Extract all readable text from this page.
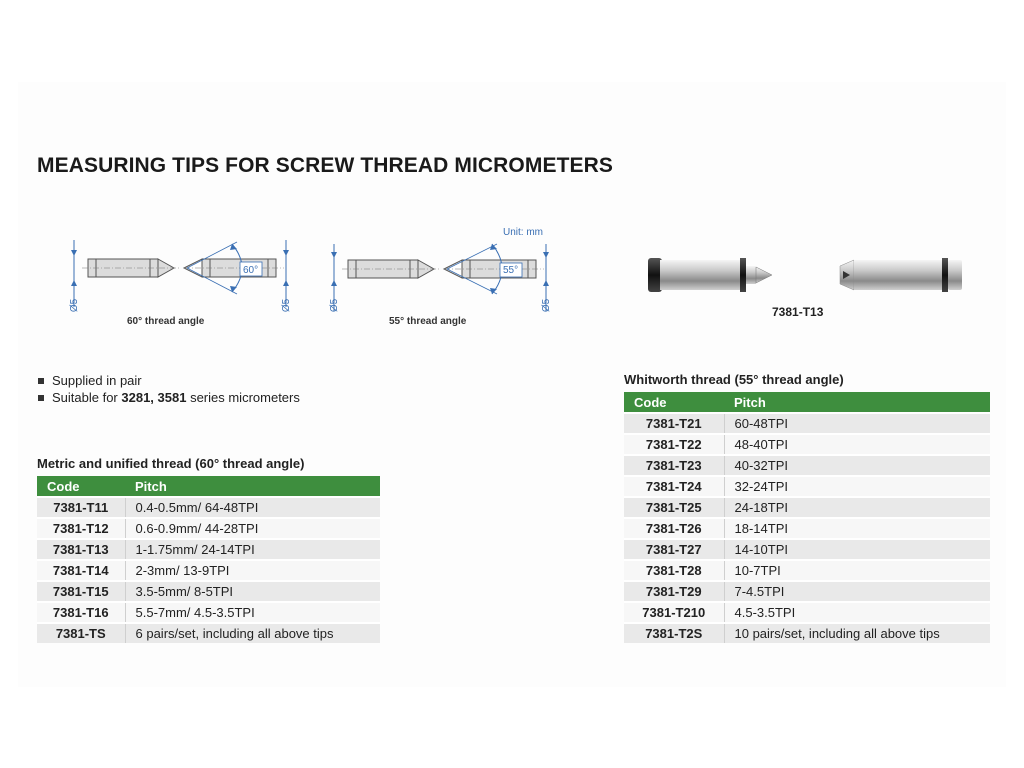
MEASURING TIPS FOR SCREW THREAD MICROMETERS
60°
Ø5	Ø5
60° thread angle
Unit: mm
55°
Ø5	Ø5
55° thread angle
7381-T13
Supplied in pair
Suitable for 3281, 3581 series micrometers
Metric and unified thread (60° thread angle)
Code	Pitch
7381-T11	0.4-0.5mm/ 64-48TPI
7381-T12	0.6-0.9mm/ 44-28TPI
7381-T13	1-1.75mm/ 24-14TPI
7381-T14	2-3mm/ 13-9TPI
7381-T15	3.5-5mm/ 8-5TPI
7381-T16	5.5-7mm/ 4.5-3.5TPI
7381-TS	6 pairs/set, including all above tips
Whitworth thread (55° thread angle)
Code	Pitch
7381-T21	60-48TPI
7381-T22	48-40TPI
7381-T23	40-32TPI
7381-T24	32-24TPI
7381-T25	24-18TPI
7381-T26	18-14TPI
7381-T27	14-10TPI
7381-T28	10-7TPI
7381-T29	7-4.5TPI
7381-T210	4.5-3.5TPI
7381-T2S	10 pairs/set, including all above tips
